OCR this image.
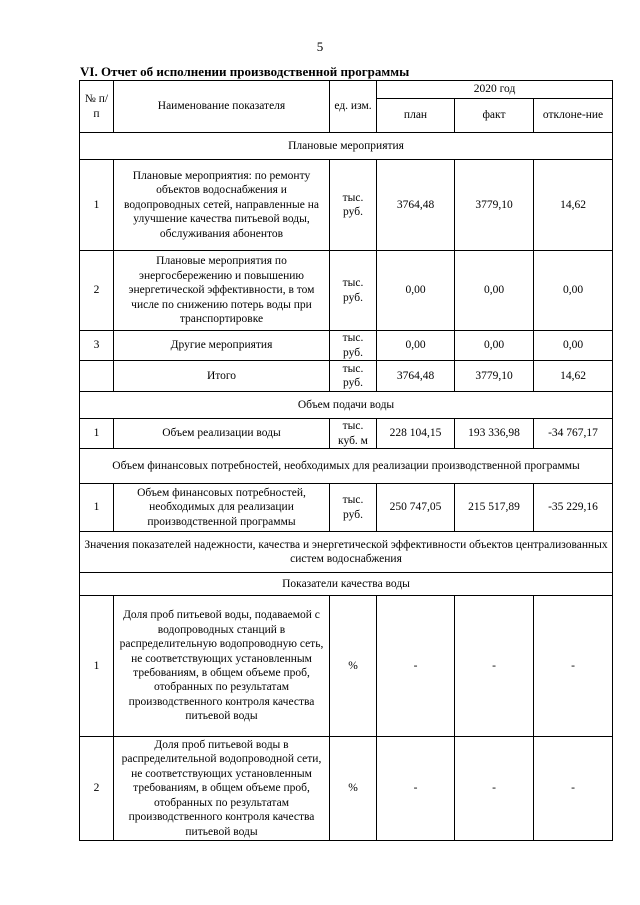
5
VI. Отчет об исполнении производственной программы
№ п/п	Наименование показателя	ед. изм.	2020 год		
			план	факт	отклоне-ние
Плановые мероприятия					
1	Плановые мероприятия: по ремонту объектов водоснабжения и водопроводных сетей, направленные на улучшение качества питьевой воды, обслуживания абонентов	тыс. руб.	3764,48	3779,10	14,62
2	Плановые мероприятия по энергосбережению и повышению энергетической эффективности, в том числе по снижению потерь воды при транспортировке	тыс. руб.	0,00	0,00	0,00
3	Другие мероприятия	тыс. руб.	0,00	0,00	0,00
	Итого	тыс. руб.	3764,48	3779,10	14,62
Объем подачи воды					
1	Объем реализации воды	тыс. куб. м	228 104,15	193 336,98	-34 767,17
Объем финансовых потребностей, необходимых для реализации производственной программы					
1	Объем финансовых потребностей, необходимых для реализации производственной программы	тыс. руб.	250 747,05	215 517,89	-35 229,16
Значения показателей надежности, качества и энергетической эффективности объектов централизованных систем водоснабжения					
Показатели качества воды					
1	Доля проб питьевой воды, подаваемой с водопроводных станций в распределительную водопроводную сеть, не соответствующих установленным требованиям, в общем объеме проб, отобранных по результатам производственного контроля качества питьевой воды	%	-	-	-
2	Доля проб питьевой воды в распределительной водопроводной сети, не соответствующих установленным требованиям, в общем объеме проб, отобранных по результатам производственного контроля качества питьевой воды	%	-	-	-
